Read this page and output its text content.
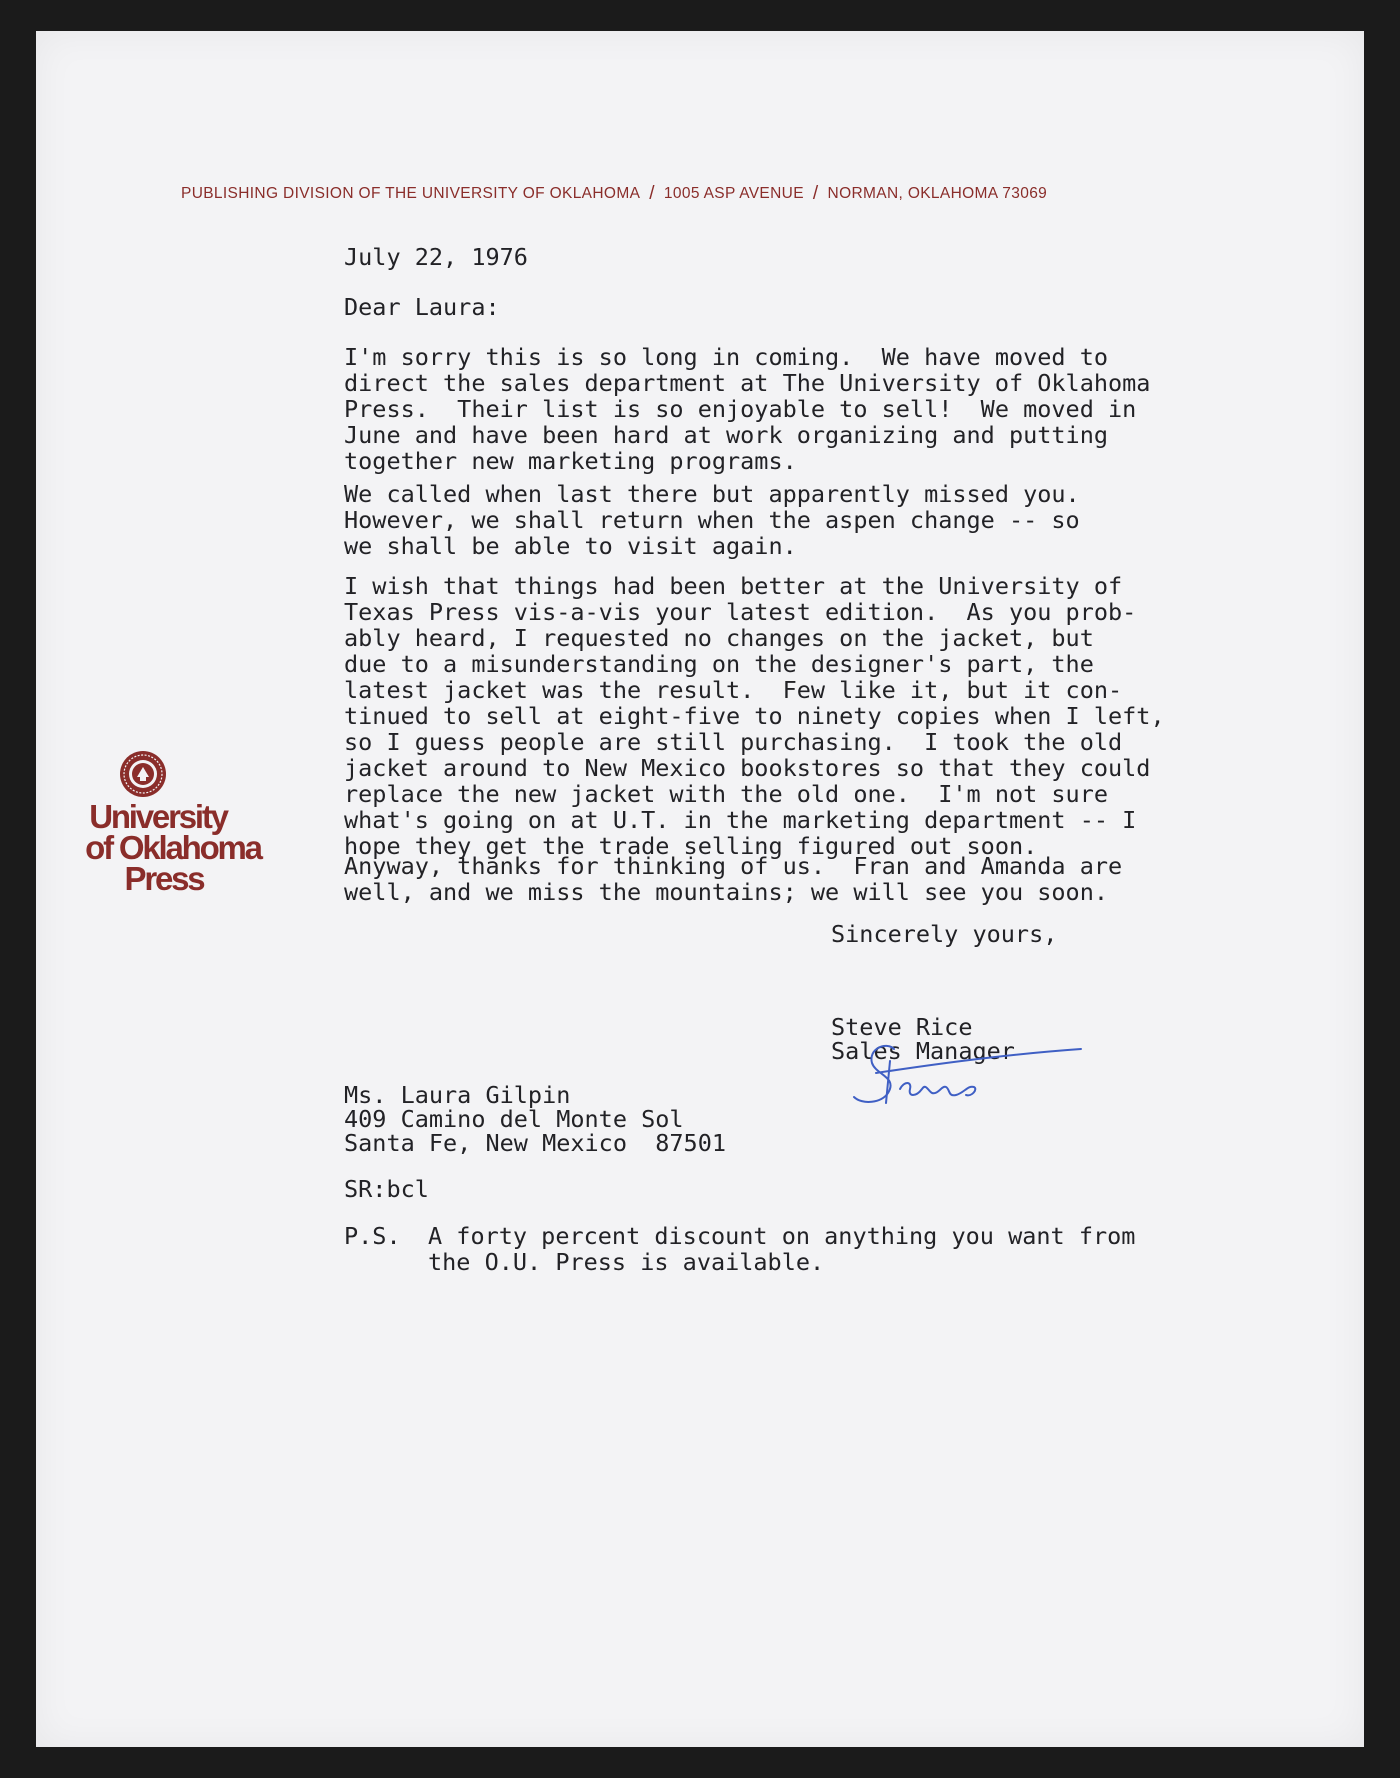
PUBLISHING DIVISION OF THE UNIVERSITY OF OKLAHOMA / 1005 ASP AVENUE / NORMAN, OKLAHOMA 73069
University
of Oklahoma
Press

July 22, 1976

Dear Laura:

I'm sorry this is so long in coming.  We have moved to
direct the sales department at The University of Oklahoma
Press.  Their list is so enjoyable to sell!  We moved in
June and have been hard at work organizing and putting
together new marketing programs.

We called when last there but apparently missed you.
However, we shall return when the aspen change -- so
we shall be able to visit again.

I wish that things had been better at the University of
Texas Press vis-a-vis your latest edition.  As you prob-
ably heard, I requested no changes on the jacket, but
due to a misunderstanding on the designer's part, the
latest jacket was the result.  Few like it, but it con-
tinued to sell at eight-five to ninety copies when I left,
so I guess people are still purchasing.  I took the old
jacket around to New Mexico bookstores so that they could
replace the new jacket with the old one.  I'm not sure
what's going on at U.T. in the marketing department -- I
hope they get the trade selling figured out soon.

Anyway, thanks for thinking of us.  Fran and Amanda are
well, and we miss the mountains; we will see you soon.

Sincerely yours,

Steve Rice

Sales Manager

Ms. Laura Gilpin

409 Camino del Monte Sol

Santa Fe, New Mexico  87501

SR:bcl

P.S. A forty percent discount on anything you want from
the O.U. Press is available.
